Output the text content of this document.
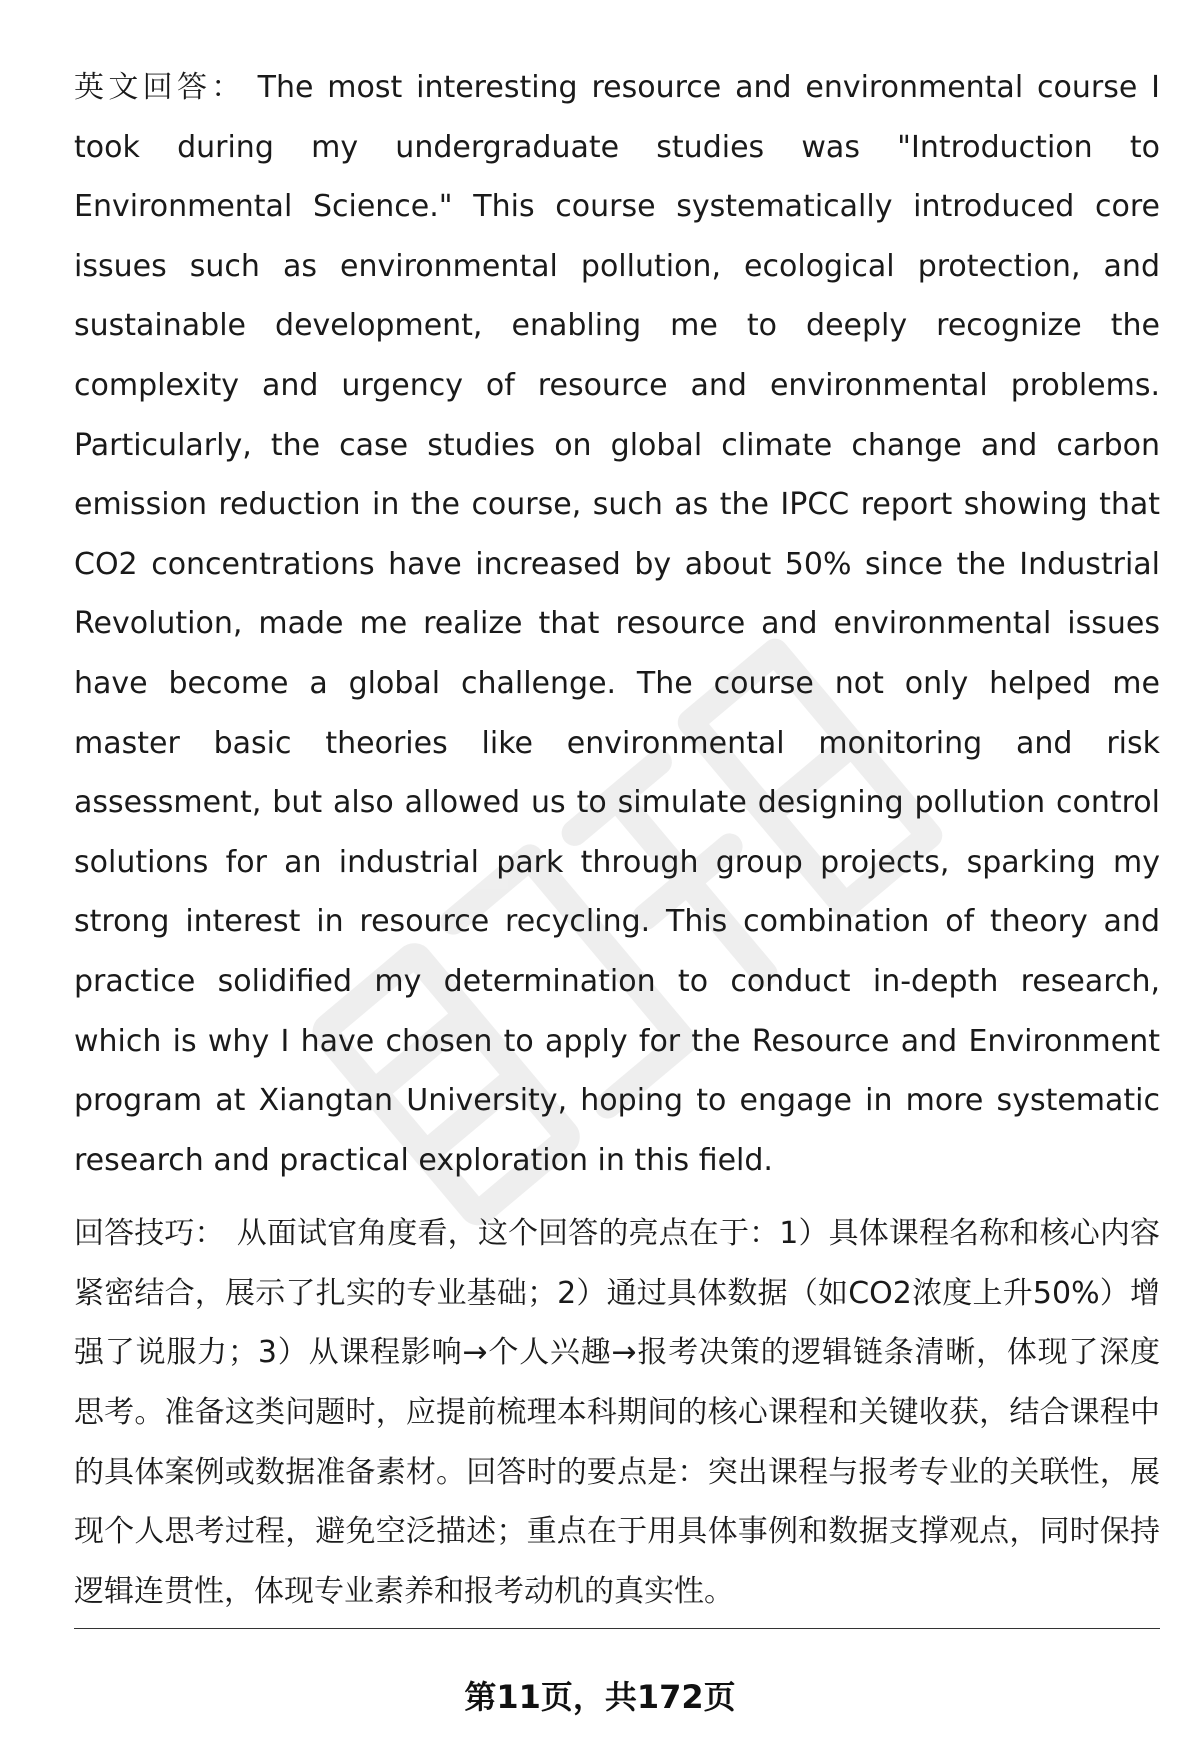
英文回答： The most interesting resource and environmental course I took during my undergraduate studies was "Introduction to Environmental Science." This course systematically introduced core issues such as environmental pollution, ecological protection, and sustainable development, enabling me to deeply recognize the complexity and urgency of resource and environmental problems. Particularly, the case studies on global climate change and carbon emission reduction in the course, such as the IPCC report showing that CO2 concentrations have increased by about 50% since the Industrial Revolution, made me realize that resource and environmental issues have become a global challenge. The course not only helped me master basic theories like environmental monitoring and risk assessment, but also allowed us to simulate designing pollution control solutions for an industrial park through group projects, sparking my strong interest in resource recycling. This combination of theory and practice solidified my determination to conduct in-depth research, which is why I have chosen to apply for the Resource and Environment program at Xiangtan University, hoping to engage in more systematic research and practical exploration in this field.

回答技巧： 从面试官角度看，这个回答的亮点在于：1）具体课程名称和核心内容紧密结合，展示了扎实的专业基础；2）通过具体数据（如CO2浓度上升50%）增强了说服力；3）从课程影响→个人兴趣→报考决策的逻辑链条清晰，体现了深度思考。准备这类问题时，应提前梳理本科期间的核心课程和关键收获，结合课程中的具体案例或数据准备素材。回答时的要点是：突出课程与报考专业的关联性，展现个人思考过程，避免空泛描述；重点在于用具体事例和数据支撑观点，同时保持逻辑连贯性，体现专业素养和报考动机的真实性。

第11页，共172页
